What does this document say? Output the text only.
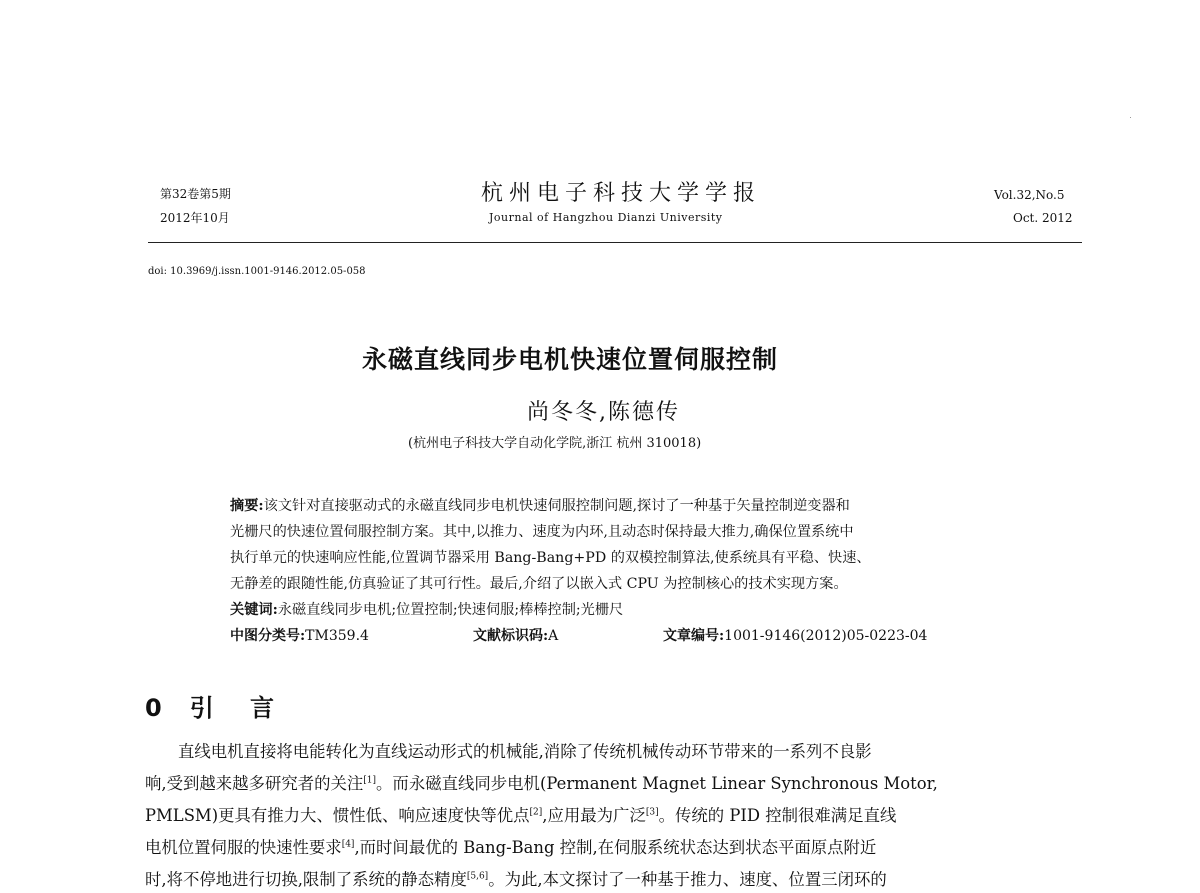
第32卷第5期
2012年10月
杭州电子科技大学学报
Journal of Hangzhou Dianzi University
Vol.32,No.5
Oct. 2012
doi: 10.3969/j.issn.1001-9146.2012.05-058
永磁直线同步电机快速位置伺服控制
尚冬冬,陈德传
(杭州电子科技大学自动化学院,浙江 杭州 310018)
摘要:该文针对直接驱动式的永磁直线同步电机快速伺服控制问题,探讨了一种基于矢量控制逆变器和
光栅尺的快速位置伺服控制方案。其中,以推力、速度为内环,且动态时保持最大推力,确保位置系统中
执行单元的快速响应性能,位置调节器采用 Bang-Bang+PD 的双模控制算法,使系统具有平稳、快速、
无静差的跟随性能,仿真验证了其可行性。最后,介绍了以嵌入式 CPU 为控制核心的技术实现方案。
关键词:永磁直线同步电机;位置控制;快速伺服;棒棒控制;光栅尺
中图分类号:TM359.4	文献标识码:A	文章编号:1001-9146(2012)05-0223-04
0 引 言
直线电机直接将电能转化为直线运动形式的机械能,消除了传统机械传动环节带来的一系列不良影
响,受到越来越多研究者的关注[1]。而永磁直线同步电机(Permanent Magnet Linear Synchronous Motor,
PMLSM)更具有推力大、惯性低、响应速度快等优点[2],应用最为广泛[3]。传统的 PID 控制很难满足直线
电机位置伺服的快速性要求[4],而时间最优的 Bang-Bang 控制,在伺服系统状态达到状态平面原点附近
时,将不停地进行切换,限制了系统的静态精度[5,6]。为此,本文探讨了一种基于推力、速度、位置三闭环的
